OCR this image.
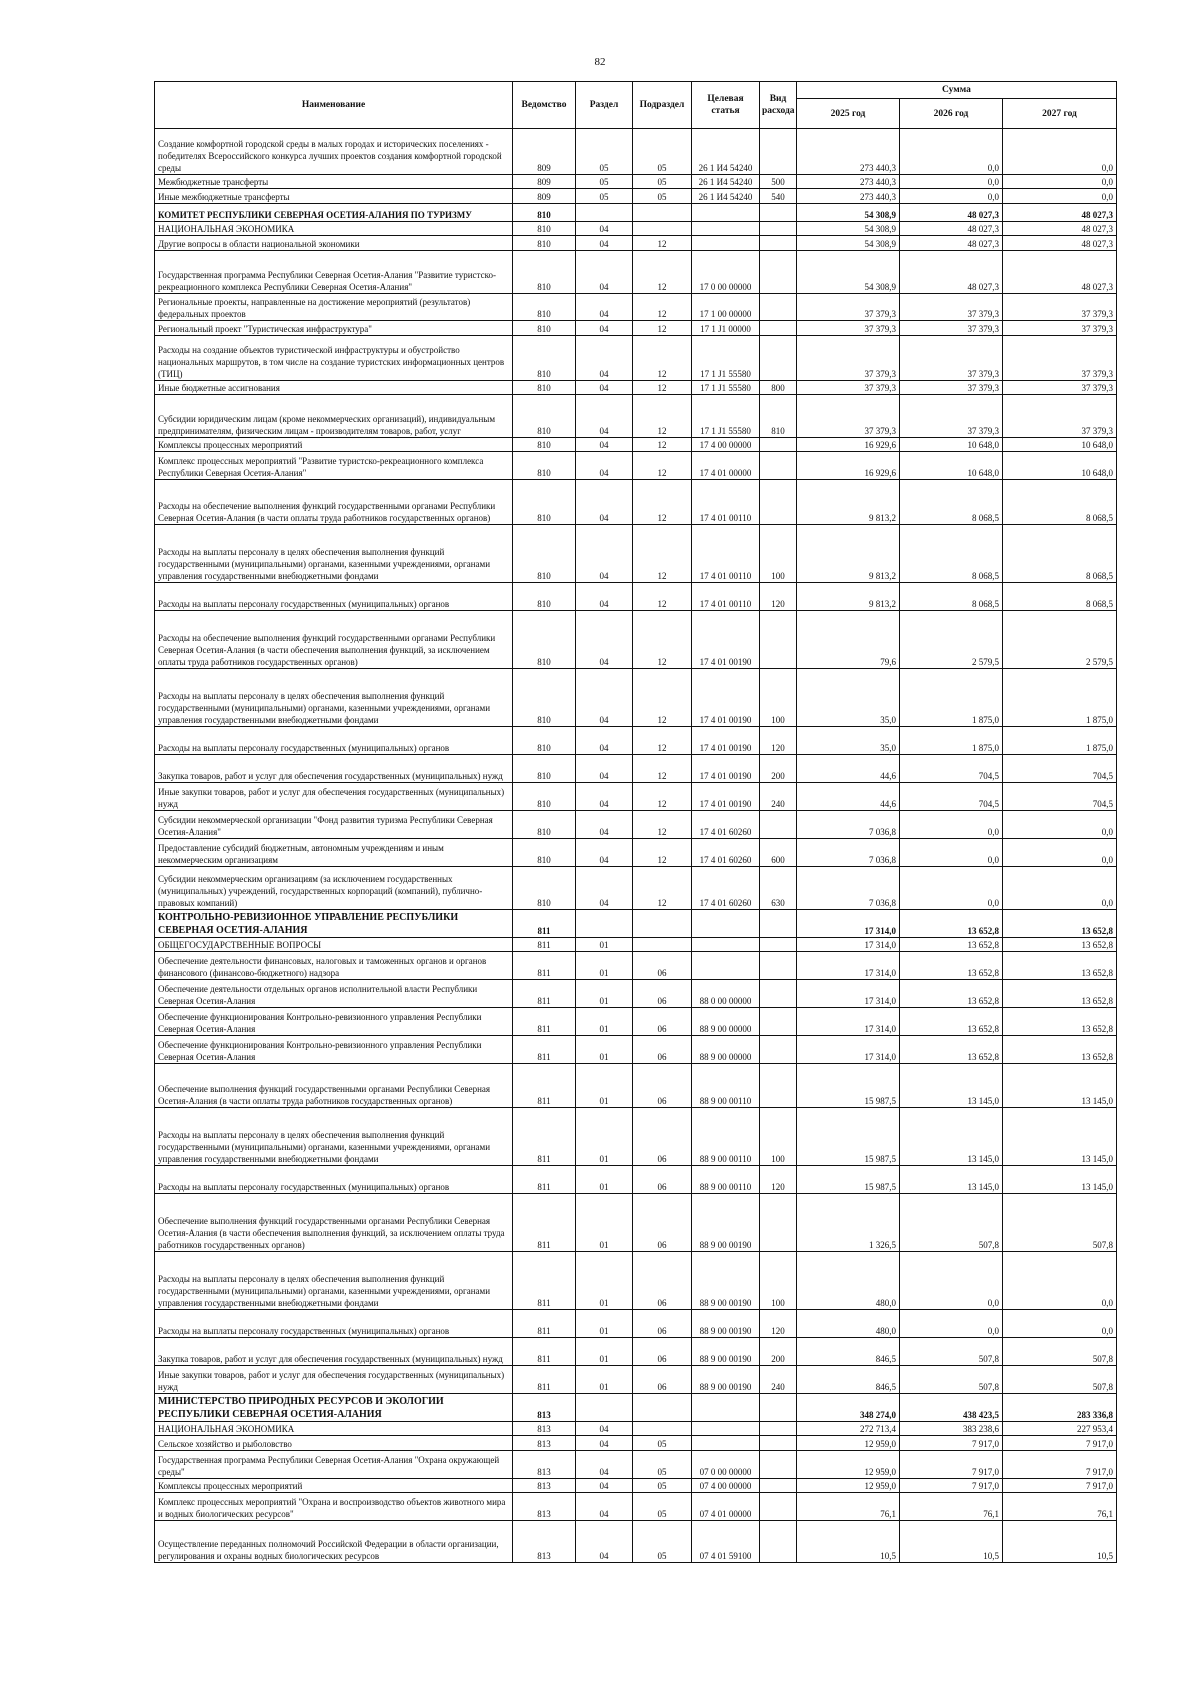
82
Наименование	Ведомство	Раздел	Подраздел	Целевая статья	Вид расхода	Сумма		
						2025 год	2026 год	2027 год
Создание комфортной городской среды в малых городах и исторических поселениях - победителях Всероссийского конкурса лучших проектов создания комфортной городской среды	809	05	05	26 1 И4 54240		273 440,3	0,0	0,0
Межбюджетные трансферты	809	05	05	26 1 И4 54240	500	273 440,3	0,0	0,0
Иные межбюджетные трансферты	809	05	05	26 1 И4 54240	540	273 440,3	0,0	0,0
КОМИТЕТ РЕСПУБЛИКИ СЕВЕРНАЯ ОСЕТИЯ-АЛАНИЯ ПО ТУРИЗМУ	810					54 308,9	48 027,3	48 027,3
НАЦИОНАЛЬНАЯ ЭКОНОМИКА	810	04				54 308,9	48 027,3	48 027,3
Другие вопросы в области национальной экономики	810	04	12			54 308,9	48 027,3	48 027,3
Государственная программа Республики Северная Осетия-Алания "Развитие туристско-рекреационного комплекса Республики Северная Осетия-Алания"	810	04	12	17 0 00 00000		54 308,9	48 027,3	48 027,3
Региональные проекты, направленные на достижение мероприятий (результатов) федеральных проектов	810	04	12	17 1 00 00000		37 379,3	37 379,3	37 379,3
Региональный проект "Туристическая инфраструктура"	810	04	12	17 1 J1 00000		37 379,3	37 379,3	37 379,3
Расходы на создание объектов туристической инфраструктуры и обустройство национальных маршрутов, в том числе на создание туристских информационных центров (ТИЦ)	810	04	12	17 1 J1 55580		37 379,3	37 379,3	37 379,3
Иные бюджетные ассигнования	810	04	12	17 1 J1 55580	800	37 379,3	37 379,3	37 379,3
Субсидии юридическим лицам (кроме некоммерческих организаций), индивидуальным предпринимателям, физическим лицам - производителям товаров, работ, услуг	810	04	12	17 1 J1 55580	810	37 379,3	37 379,3	37 379,3
Комплексы процессных мероприятий	810	04	12	17 4 00 00000		16 929,6	10 648,0	10 648,0
Комплекс процессных мероприятий "Развитие туристско-рекреационного комплекса Республики Северная Осетия-Алания"	810	04	12	17 4 01 00000		16 929,6	10 648,0	10 648,0
Расходы на обеспечение выполнения функций государственными органами Республики Северная Осетия-Алания (в части оплаты труда работников государственных органов)	810	04	12	17 4 01 00110		9 813,2	8 068,5	8 068,5
Расходы на выплаты персоналу в целях обеспечения выполнения функций государственными (муниципальными) органами, казенными учреждениями, органами управления государственными внебюджетными фондами	810	04	12	17 4 01 00110	100	9 813,2	8 068,5	8 068,5
Расходы на выплаты персоналу государственных (муниципальных) органов	810	04	12	17 4 01 00110	120	9 813,2	8 068,5	8 068,5
Расходы на обеспечение выполнения функций государственными органами Республики Северная Осетия-Алания (в части обеспечения выполнения функций, за исключением оплаты труда работников государственных органов)	810	04	12	17 4 01 00190		79,6	2 579,5	2 579,5
Расходы на выплаты персоналу в целях обеспечения выполнения функций государственными (муниципальными) органами, казенными учреждениями, органами управления государственными внебюджетными фондами	810	04	12	17 4 01 00190	100	35,0	1 875,0	1 875,0
Расходы на выплаты персоналу государственных (муниципальных) органов	810	04	12	17 4 01 00190	120	35,0	1 875,0	1 875,0
Закупка товаров, работ и услуг для обеспечения государственных (муниципальных) нужд	810	04	12	17 4 01 00190	200	44,6	704,5	704,5
Иные закупки товаров, работ и услуг для обеспечения государственных (муниципальных) нужд	810	04	12	17 4 01 00190	240	44,6	704,5	704,5
Субсидии некоммерческой организации "Фонд развития туризма Республики Северная Осетия-Алания"	810	04	12	17 4 01 60260		7 036,8	0,0	0,0
Предоставление субсидий бюджетным, автономным учреждениям и иным некоммерческим организациям	810	04	12	17 4 01 60260	600	7 036,8	0,0	0,0
Субсидии некоммерческим организациям (за исключением государственных (муниципальных) учреждений, государственных корпораций (компаний), публично-правовых компаний)	810	04	12	17 4 01 60260	630	7 036,8	0,0	0,0
КОНТРОЛЬНО-РЕВИЗИОННОЕ УПРАВЛЕНИЕ РЕСПУБЛИКИ СЕВЕРНАЯ ОСЕТИЯ-АЛАНИЯ	811					17 314,0	13 652,8	13 652,8
ОБЩЕГОСУДАРСТВЕННЫЕ ВОПРОСЫ	811	01				17 314,0	13 652,8	13 652,8
Обеспечение деятельности финансовых, налоговых и таможенных органов и органов финансового (финансово-бюджетного) надзора	811	01	06			17 314,0	13 652,8	13 652,8
Обеспечение деятельности отдельных органов исполнительной власти Республики Северная Осетия-Алания	811	01	06	88 0 00 00000		17 314,0	13 652,8	13 652,8
Обеспечение функционирования Контрольно-ревизионного управления Республики Северная Осетия-Алания	811	01	06	88 9 00 00000		17 314,0	13 652,8	13 652,8
Обеспечение функционирования Контрольно-ревизионного управления Республики Северная Осетия-Алания	811	01	06	88 9 00 00000		17 314,0	13 652,8	13 652,8
Обеспечение выполнения функций государственными органами Республики Северная Осетия-Алания (в части оплаты труда работников государственных органов)	811	01	06	88 9 00 00110		15 987,5	13 145,0	13 145,0
Расходы на выплаты персоналу в целях обеспечения выполнения функций государственными (муниципальными) органами, казенными учреждениями, органами управления государственными внебюджетными фондами	811	01	06	88 9 00 00110	100	15 987,5	13 145,0	13 145,0
Расходы на выплаты персоналу государственных (муниципальных) органов	811	01	06	88 9 00 00110	120	15 987,5	13 145,0	13 145,0
Обеспечение выполнения функций государственными органами Республики Северная Осетия-Алания (в части обеспечения выполнения функций, за исключением оплаты труда работников государственных органов)	811	01	06	88 9 00 00190		1 326,5	507,8	507,8
Расходы на выплаты персоналу в целях обеспечения выполнения функций государственными (муниципальными) органами, казенными учреждениями, органами управления государственными внебюджетными фондами	811	01	06	88 9 00 00190	100	480,0	0,0	0,0
Расходы на выплаты персоналу государственных (муниципальных) органов	811	01	06	88 9 00 00190	120	480,0	0,0	0,0
Закупка товаров, работ и услуг для обеспечения государственных (муниципальных) нужд	811	01	06	88 9 00 00190	200	846,5	507,8	507,8
Иные закупки товаров, работ и услуг для обеспечения государственных (муниципальных) нужд	811	01	06	88 9 00 00190	240	846,5	507,8	507,8
МИНИСТЕРСТВО ПРИРОДНЫХ РЕСУРСОВ И ЭКОЛОГИИ РЕСПУБЛИКИ СЕВЕРНАЯ ОСЕТИЯ-АЛАНИЯ	813					348 274,0	438 423,5	283 336,8
НАЦИОНАЛЬНАЯ ЭКОНОМИКА	813	04				272 713,4	383 238,6	227 953,4
Сельское хозяйство и рыболовство	813	04	05			12 959,0	7 917,0	7 917,0
Государственная программа Республики Северная Осетия-Алания "Охрана окружающей среды"	813	04	05	07 0 00 00000		12 959,0	7 917,0	7 917,0
Комплексы процессных мероприятий	813	04	05	07 4 00 00000		12 959,0	7 917,0	7 917,0
Комплекс процессных мероприятий "Охрана и воспроизводство объектов животного мира и водных биологических ресурсов"	813	04	05	07 4 01 00000		76,1	76,1	76,1
Осуществление переданных полномочий Российской Федерации в области организации, регулирования и охраны водных биологических ресурсов	813	04	05	07 4 01 59100		10,5	10,5	10,5
